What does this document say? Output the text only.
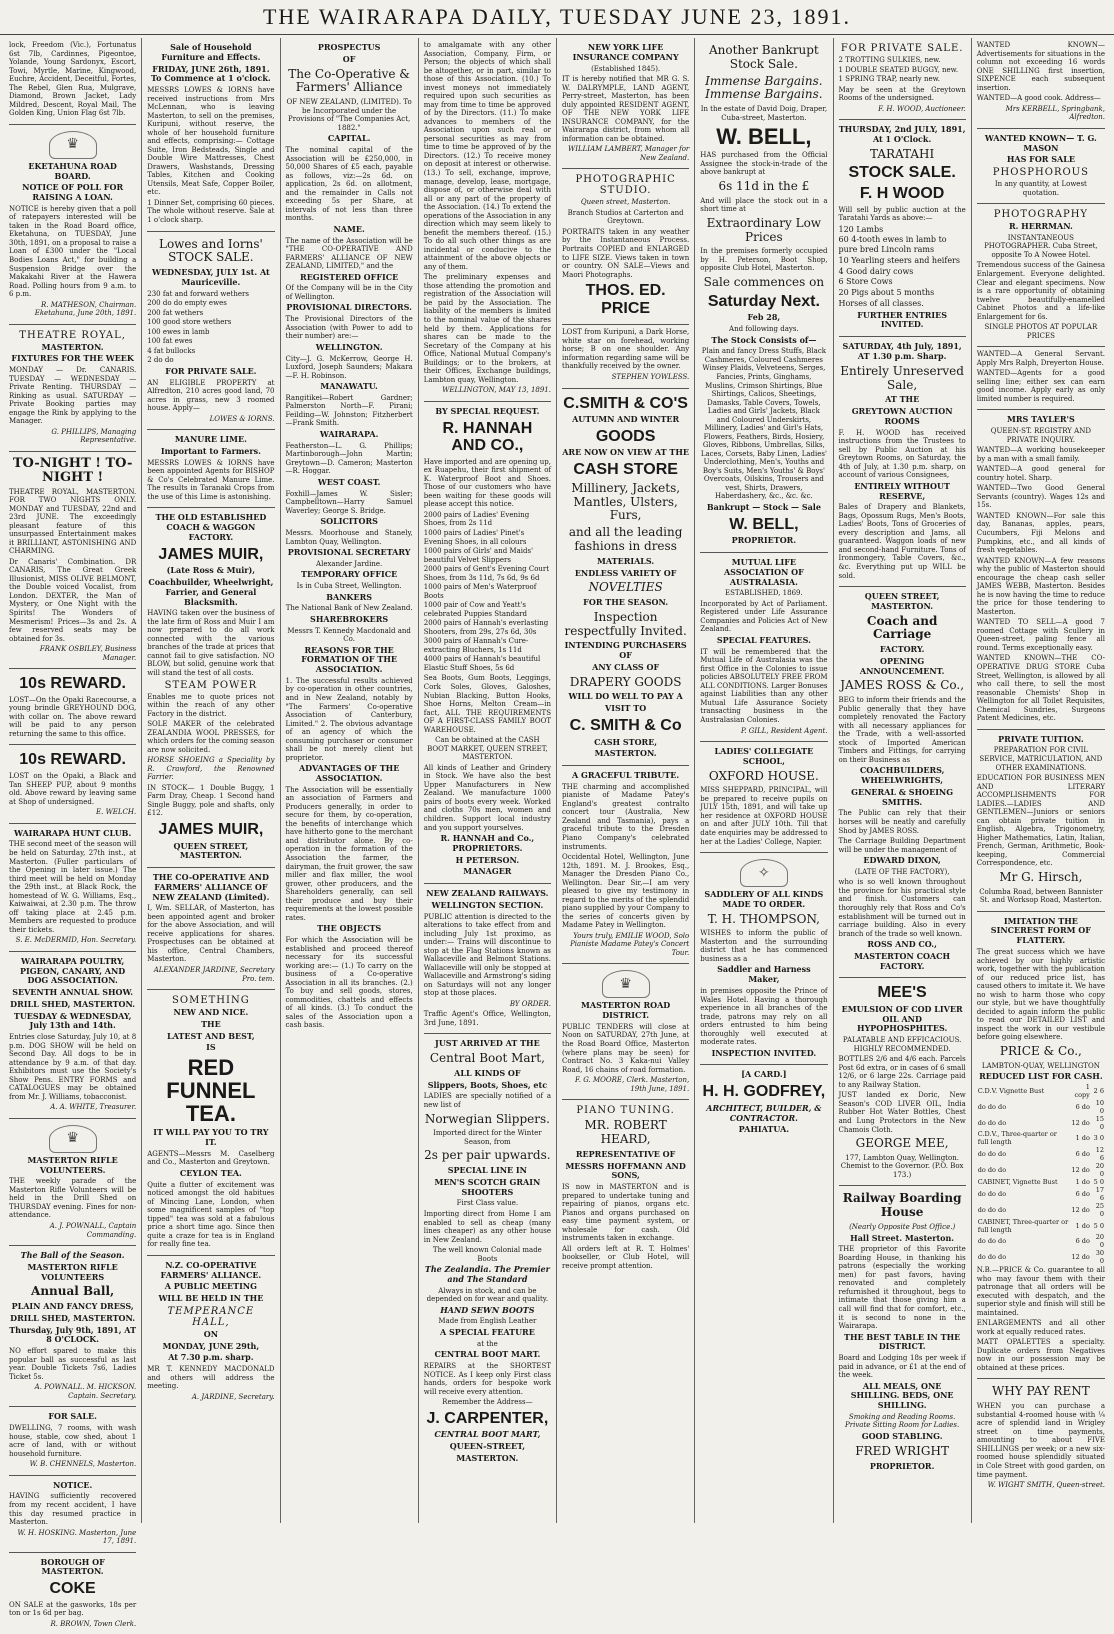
THE WAIRARAPA DAILY, TUESDAY JUNE 23, 1891.

lock, Freedom (Vic.), Fortunatus 6st 7lb, Cardinnes, Pigeontoe, Yolande, Young Sardonyx, Escort, Towi, Myrtle, Marine, Kingwood, Euchre, Accident, Deceitful, Fortes, The Rebel, Glen Rua, Mulgrave, Diamond, Brown Jacket, Lady Mildred, Descent, Royal Mail, The Golden King, Union Flag 6st 7lb.

♛
EKETAHUNA ROAD BOARD.
NOTICE OF POLL FOR RAISING A LOAN.

NOTICE is hereby given that a poll of ratepayers interested will be taken in the Road Board office, Eketahuna, on TUESDAY, June 30th, 1891, on a proposal to raise a Loan of £300 under the "Local Bodies Loans Act," for building a Suspension Bridge over the Makakahi River at the Hawera Road. Polling hours from 9 a.m. to 6 p.m.

R. MATHESON, Chairman. Eketahuna, June 20th, 1891.

THEATRE ROYAL,
MASTERTON.
FIXTURES FOR THE WEEK

MONDAY — Dr. CANARIS. TUESDAY — WEDNESDAY — Private Renting. THURSDAY — Rinking as usual. SATURDAY — Private Booking parties may engage the Rink by applying to the Manager.

G. PHILLIPS, Managing Representative.

TO-NIGHT ! TO-NIGHT !

THEATRE ROYAL, MASTERTON. FOR TWO NIGHTS ONLY. MONDAY and TUESDAY, 22nd and 23rd JUNE. The exceedingly pleasant feature of this unsurpassed Entertainment makes it BRILLIANT, ASTONISHING AND CHARMING.

Dr Canaris' Combination. DR CANARIS, The Great Greek Illusionist, MISS OLIVE BELMONT, the Double voiced Vocalist, from London. DEXTER, the Man of Mystery, or One Night with the Spirits! The Wonders of Mesmerism! Prices—3s and 2s. A few reserved seats may be obtained for 3s.

FRANK OSBILEY, Business Manager.

10s REWARD.

LOST—On the Opaki Racecourse, a young brindle GREYHOUND DOG, with collar on. The above reward will be paid to any person returning the same to this office.

10s REWARD.

LOST on the Opaki, a Black and Tan SHEEP PUP, about 9 months old. Above reward by leaving same at Shop of undersigned.

E. WELCH.

WAIRARAPA HUNT CLUB.

THE second meet of the season will be held on Saturday, 27th inst., at Masterton. (Fuller particulars of the Opening in later issue.) The third meet will be held on Monday the 29th inst., at Black Rock, the homestead of W. G. Williams, Esq., Kaiwaiwai, at 2.30 p.m. The throw off taking place at 2.45 p.m. Members are requested to produce their tickets.

S. E. McDERMID, Hon. Secretary.

WAIRARAPA POULTRY, PIGEON, CANARY, AND DOG ASSOCIATION.
SEVENTH ANNUAL SHOW.
DRILL SHED, MASTERTON.
TUESDAY & WEDNESDAY, July 13th and 14th.

Entries close Saturday, July 10, at 8 p.m. DOG SHOW will be held on Second Day. All dogs to be in attendance by 9 a.m. of that day. Exhibitors must use the Society's Show Pens. ENTRY FORMS and CATALOGUES may be obtained from Mr. J. Williams, tobacconist.

A. A. WHITE, Treasurer.

♛
MASTERTON RIFLE VOLUNTEERS.

THE weekly parade of the Masterton Rifle Volunteers will be held in the Drill Shed on THURSDAY evening. Fines for non-attendance.

A. J. POWNALL, Captain Commanding.

The Ball of the Season.
MASTERTON RIFLE VOLUNTEERS
Annual Ball,
PLAIN AND FANCY DRESS,
DRILL SHED, MASTERTON.
Thursday, July 9th, 1891, AT 8 O'CLOCK.

NO effort spared to make this popular ball as successful as last year. Double Tickets 7s6, Ladies Ticket 5s.

A. POWNALL. M. HICKSON. Captain. Secretary.

FOR SALE.

DWELLING, 7 rooms, with wash house, stable, cow shed, about 1 acre of land, with or without household furniture.

W. B. CHENNELS, Masterton.

NOTICE.

HAVING sufficiently recovered from my recent accident, I have this day resumed practice in Masterton.

W. H. HOSKING. Masterton, June 17, 1891.

BOROUGH OF MASTERTON.
COKE

ON SALE at the gasworks, 18s per ton or 1s 6d per bag.

R. BROWN, Town Clerk.

Sale of Household Furniture and Effects.
FRIDAY, JUNE 26th, 1891. To Commence at 1 o'clock.

MESSRS LOWES & IORNS have received instructions from Mrs McLennan, who is leaving Masterton, to sell on the premises, Kuripuni, without reserve, the whole of her household furniture and effects, comprising:— Cottage Suite, Iron Bedsteads, Single and Double Wire Mattresses, Chest Drawers, Washstands, Dressing Tables, Kitchen and Cooking Utensils, Meat Safe, Copper Boiler, etc.

1 Dinner Set, comprising 60 pieces. The whole without reserve. Sale at 1 o'clock sharp.

Lowes and Iorns' STOCK SALE.
WEDNESDAY, JULY 1st. At Mauriceville.
230 fat and forward wethers
200 do do empty ewes
200 fat wethers
100 good store wethers
100 ewes in lamb
100 fat ewes
4 fat bullocks
2 do do
FOR PRIVATE SALE.

AN ELIGIBLE PROPERTY at Alfredton, 210 acres good land, 70 acres in grass, new 3 roomed house. Apply—

LOWES & IORNS.

MANURE LIME.
Important to Farmers.

MESSRS LOWES & IORNS have been appointed Agents for BISHOP & Co's Celebrated Manure Lime. The results in Taranaki Crops from the use of this Lime is astonishing.

THE OLD ESTABLISHED COACH & WAGGON FACTORY.
JAMES MUIR,
(Late Ross & Muir),
Coachbuilder, Wheelwright, Farrier, and General Blacksmith.

HAVING taken over the business of the late firm of Ross and Muir I am now prepared to do all work connected with the various branches of the trade at prices that cannot fail to give satisfaction. NO BLOW, but solid, genuine work that will stand the test of all costs.

STEAM POWER

Enables me to quote prices not within the reach of any other Factory in the district.

SOLE MAKER of the celebrated ZEALANDIA WOOL PRESSES, for which orders for the coming season are now solicited.

HORSE SHOEING a Speciality by R. Crawford, the Renowned Farrier.

IN STOCK— 1 Double Buggy, 1 Farm Dray, Cheap. 1 Second hand Single Buggy, pole and shafts, only £12.

JAMES MUIR,
QUEEN STREET, MASTERTON.
THE CO-OPERATIVE AND FARMERS' ALLIANCE OF NEW ZEALAND (Limited).

I, Wm. SELLAR, of Masterton, has been appointed agent and broker for the above Association, and will receive applications for shares. Prospectuses can be obtained at his office, Central Chambers, Masterton.

ALEXANDER JARDINE, Secretary Pro. tem.

SOMETHING
NEW AND NICE.
THE
LATEST AND BEST,
IS
RED FUNNEL TEA.
IT WILL PAY YOU TO TRY IT.

AGENTS—Messrs M. Caselberg and Co., Masterton and Greytown.

CEYLON TEA.

Quite a flutter of excitement was noticed amongst the old habitues of Mincing Lane, London, when some magnificent samples of "top tipped" tea was sold at a fabulous price a short time ago. Since then quite a craze for tea is in England for really fine tea.

N.Z. CO-OPERATIVE FARMERS' ALLIANCE.
A PUBLIC MEETING
WILL BE HELD IN THE
TEMPERANCE HALL,
ON
MONDAY, JUNE 29th,
At 7.30 p.m. sharp.

MR T. KENNEDY MACDONALD and others will address the meeting.

A. JARDINE, Secretary.

PROSPECTUS
OF
The Co-Operative & Farmers' Alliance

OF NEW ZEALAND, (LIMITED). To be Incorporated under the Provisions of "The Companies Act, 1882."

CAPITAL.

The nominal capital of the Association will be £250,000, in 50,000 Shares of £5 each, payable as follows, viz:—2s 6d. on application, 2s 6d. on allotment, and the remainder in Calls not exceeding 5s per Share, at intervals of not less than three months.

NAME.

The name of the Association will be "THE CO-OPERATIVE AND FARMERS' ALLIANCE OF NEW ZEALAND, LIMITED," and the

REGISTERED OFFICE

Of the Company will be in the City of Wellington.

PROVISIONAL DIRECTORS.

The Provisional Directors of the Association (with Power to add to their number) are:—

WELLINGTON.

City—J. G. McKerrow, George H. Luxford, Joseph Saunders; Makara—F. H. Robinson.

MANAWATU.

Rangitikei—Robert Gardner; Palmerston North—F. Pirani; Feilding—W. Johnston; Fitzherbert—Frank Smith.

WAIRARAPA.

Featherston—L. G. Phillips; Martinborough—John Martin; Greytown—D. Cameron; Masterton—R. Hoggar.

WEST COAST.

Foxhill—James W. Sisler; Campbelltown—Harry Samuel Waverley; George S. Bridge.

SOLICITORS

Messrs. Moorhouse and Stanely, Lambton Quay, Wellington.

PROVISIONAL SECRETARY

Alexander Jardine.

TEMPORARY OFFICE

Is in Cuba Street, Wellington.

BANKERS

The National Bank of New Zealand.

SHAREBROKERS

Messrs T. Kennedy Macdonald and Co.

REASONS FOR THE FORMATION OF THE ASSOCIATION.

1. The successful results achieved by co-operation in other countries, and in New Zealand, notably by "The Farmers' Co-operative Association of Canterbury, Limited." 2. The obvious advantage of an agency of which the consuming purchaser or consumer shall be not merely client but proprietor.

ADVANTAGES OF THE ASSOCIATION.

The Association will be essentially an association of Farmers and Producers generally, in order to secure for them, by co-operation, the benefits of interchange which have hitherto gone to the merchant and distributor alone. By co-operation in the formation of the Association the farmer, the dairyman, the fruit grower, the saw miller and flax miller, the wool grower, other producers, and the Shareholders generally, can sell their produce and buy their requirements at the lowest possible rates.

THE OBJECTS

For which the Association will be established and proceed thereof necessary for its successful working are:— (1.) To carry on the business of a Co-operative Association in all its branches. (2.) To buy and sell goods, stores, commodities, chattels and effects of all kinds. (3.) To conduct the sales of the Association upon a cash basis.

to amalgamate with any other Association, Company, Firm, or Person; the objects of which shall be altogether, or in part, similar to those of this Association. (10.) To invest moneys not immediately required upon such securities as may from time to time be approved of by the Directors. (11.) To make advances to members of the Association upon such real or personal securities as may from time to time be approved of by the Directors. (12.) To receive money on deposit at interest or otherwise. (13.) To sell, exchange, improve, manage, develop, lease, mortgage, dispose of, or otherwise deal with all or any part of the property of the Association. (14.) To extend the operations of the Association in any direction which may seem likely to benefit the members thereof. (15.) To do all such other things as are incidental or conducive to the attainment of the above objects or any of them.

The preliminary expenses and those attending the promotion and registration of the Association will be paid by the Association. The liability of the members is limited to the nominal value of the shares held by them. Applications for shares can be made to the Secretary of the Company at his Office, National Mutual Company's Buildings; or to the brokers, at their Offices, Exchange buildings, Lambton quay, Wellington.

WELLINGTON, MAY 13, 1891.

BY SPECIAL REQUEST.
R. HANNAH AND CO.,

Have imported and are opening up, ex Ruapehu, their first shipment of K. Waterproof Boot and Shoes. Those of our customers who have been waiting for these goods will please accept this notice.

2000 pairs of Ladies' Evening Shoes, from 2s 11d
1000 pairs of Ladies' Pinet's Evening Shoes, in all colours
1000 pairs of Girls' and Maids' beautiful Velvet Slippers
2000 pairs of Gent's Evening Court Shoes, from 3s 11d, 7s 6d, 9s 6d
1000 pairs of Men's Waterproof Boots
1000 pair of Cow and Yeatt's celebrated Puppies Standard
2000 pairs of Hannah's everlasting Shooters, from 29s, 27s 6d, 30s
3000 pairs of Hannah's Cure-extracting Bluchers, 1s 11d
4000 pairs of Hannah's beautiful Elastic Stuff Shoes, 5s 6d

Sea Boots, Gum Boots, Leggings, Cork Soles, Gloves, Galoshes, Nubian Blacking, Button Hooks, Shoe Horns, Melton Cream—in fact, ALL THE REQUIREMENTS OF A FIRST-CLASS FAMILY BOOT WAREHOUSE.

Can be obtained at the CASH BOOT MARKET, QUEEN STREET, MASTERTON.

All kinds of Leather and Grindery in Stock. We have also the best Upper Manufacturers in New Zealand. We manufacture 1000 pairs of boots every week. Worked and cloths 70s men, women and children. Support local industry and you support yourselves.

R. HANNAH and Co., PROPRIETORS.
H PETERSON.
MANAGER
NEW ZEALAND RAILWAYS.
WELLINGTON SECTION.

PUBLIC attention is directed to the alterations to take effect from and including July 1st proximo, as under:— Trains will discontinue to stop at the Flag Stations known as Wallaceville and Belmont Stations. Wallaceville will only be stopped at Wallaceville and Armstrong's siding on Saturdays will not any longer stop at those places.

BY ORDER.

Traffic Agent's Office, Wellington, 3rd June, 1891.

JUST ARRIVED AT THE
Central Boot Mart,
ALL KINDS OF
Slippers, Boots, Shoes, etc

LADIES are specially notified of a new list of

Norwegian Slippers.

Imported direct for the Winter Season, from

2s per pair upwards.
SPECIAL LINE IN
MEN'S SCOTCH GRAIN SHOOTERS

First Class value.

Importing direct from Home I am enabled to sell as cheap (many lines cheaper) as any other house in New Zealand.

The well known Colonial made Boots

The Zealandia. The Premier and The Standard

Always in stock, and can be depended on for wear and quality.

HAND SEWN BOOTS

Made from English Leather

A SPECIAL FEATURE

at the

CENTRAL BOOT MART.

REPAIRS at the SHORTEST NOTICE. As I keep only First class hands, orders for bespoke work will receive every attention.

Remember the Address—

J. CARPENTER,
CENTRAL BOOT MART,
QUEEN-STREET,
MASTERTON.
NEW YORK LIFE INSURANCE COMPANY

(Established 1845).

IT is hereby notified that MR G. S. W. DALRYMPLE, LAND AGENT, Perry-street, Masterton, has been duly appointed RESIDENT AGENT, OF THE NEW YORK LIFE INSURANCE COMPANY, for the Wairarapa district, from whom all information can be obtained.

WILLIAM LAMBERT, Manager for New Zealand.

PHOTOGRAPHIC STUDIO.

Queen street, Masterton.

Branch Studios at Carterton and Greytown.

PORTRAITS taken in any weather by the Instantaneous Process. Portraits COPIED and ENLARGED to LIFE SIZE. Views taken in town or country. ON SALE—Views and Maori Photographs.

THOS. ED. PRICE

LOST from Kuripuni, a Dark Horse, white star on forehead, working horse; B on one shoulder. Any information regarding same will be thankfully received by the owner.

STEPHEN YOWLESS.

C.SMITH & CO'S
AUTUMN AND WINTER
GOODS
ARE NOW ON VIEW AT THE
CASH STORE
Millinery, Jackets, Mantles, Ulsters, Furs,
and all the leading fashions in dress
MATERIALS.
ENDLESS VARIETY OF
NOVELTIES
FOR THE SEASON.
Inspection respectfully Invited.
INTENDING PURCHASERS OF
ANY CLASS OF
DRAPERY GOODS
WILL DO WELL TO PAY A
VISIT TO
C. SMITH & Co
CASH STORE,
MASTERTON.
A GRACEFUL TRIBUTE.

THE charming and accomplished pianiste of Madame Patey's England's greatest contralto concert tour (Australia, New Zealand and Tasmania), pays a graceful tribute to the Dresden Piano Company's celebrated instruments.

Occidental Hotel, Wellington, June 12th, 1891. M. J. Brookes, Esq., Manager the Dresden Piano Co., Wellington. Dear Sir,—I am very pleased to give my testimony in regard to the merits of the splendid piano supplied by your Company to the series of concerts given by Madame Patey in Wellington.

Yours truly, EMILIE WOOD, Solo Pianiste Madame Patey's Concert Tour.

♛
MASTERTON ROAD DISTRICT.

PUBLIC TENDERS will close at Noon on SATURDAY, 27th June, at the Road Board Office, Masterton (where plans may be seen) for Contract No. 3 Kaka-nui Valley Road, 16 chains of road formation.

F. G. MOORE, Clerk. Masterton, 19th June, 1891.

PIANO TUNING.
MR. ROBERT HEARD,
REPRESENTATIVE OF
MESSRS HOFFMANN AND SONS,

IS now in MASTERTON and is prepared to undertake tuning and repairing of pianos, organs etc. Pianos and organs purchased on easy time payment system, or wholesale for cash. Old instruments taken in exchange.

All orders left at R. T. Holmes' bookseller, or Club Hotel, will receive prompt attention.

Another Bankrupt Stock Sale.
Immense Bargains. Immense Bargains.

In the estate of David Doig, Draper, Cuba-street, Masterton.

W. BELL,

HAS purchased from the Official Assignee the stock-in-trade of the above bankrupt at

6s 11d in the £

And will place the stock out in a short time at

Extraordinary Low Prices

In the premises formerly occupied by H. Peterson, Boot Shop, opposite Club Hotel, Masterton.

Sale commences on
Saturday Next.
Feb 28,

And following days.

The Stock Consists of—

Plain and fancy Dress Stuffs, Black Cashmeres, Coloured Cashmeres Winsey Plaids, Velveteens, Serges, Fancies, Prints, Ginghams, Muslins, Crimson Shirtings, Blue Shirtings, Calicos, Sheetings, Damasks, Table Covers, Towels, Ladies and Girls' Jackets, Black and Coloured Underskirts, Millinery, Ladies' and Girl's Hats, Flowers, Feathers, Birds, Hosiery, Gloves, Ribbons, Umbrellas, Silks, Laces, Corsets, Baby Linen, Ladies' Underclothing, Men's, Youths and Boy's Suits, Men's Youths' & Boys' Overcoats, Oilskins, Trousers and vest, Shirts, Drawers, Haberdashery, &c., &c. &c.

Bankrupt — Stock — Sale
W. BELL,
PROPRIETOR.
MUTUAL LIFE ASSOCIATION OF AUSTRALASIA.

ESTABLISHED, 1869.

Incorporated by Act of Parliament. Registered under Life Assurance Companies and Policies Act of New Zealand.

SPECIAL FEATURES.

IT will be remembered that the Mutual Life of Australasia was the first Office in the Colonies to issue policies ABSOLUTELY FREE FROM ALL CONDITIONS. Larger Bonuses against Liabilities than any other Mutual Life Assurance Society transacting business in the Australasian Colonies.

P. GILL, Resident Agent.

LADIES' COLLEGIATE SCHOOL,
OXFORD HOUSE.

MISS SHEPPARD, PRINCIPAL, will be prepared to receive pupils on JULY 15th, 1891, and will take up her residence at OXFORD HOUSE on and after JULY 10th. Till that date enquiries may be addressed to her at the Ladies' College, Napier.

✧
SADDLERY OF ALL KINDS MADE TO ORDER.
T. H. THOMPSON,

WISHES to inform the public of Masterton and the surrounding district that he has commenced business as a

Saddler and Harness Maker,

in premises opposite the Prince of Wales Hotel. Having a thorough experience in all branches of the trade, patrons may rely on all orders entrusted to him being thoroughly well executed at moderate rates.

INSPECTION INVITED.
[A CARD.]
H. H. GODFREY,
ARCHITECT, BUILDER, & CONTRACTOR.
PAHIATUA.
FOR PRIVATE SALE.
2 TROTTING SULKIES, new.
1 DOUBLE SEATED BUGGY, new.
1 SPRING TRAP, nearly new.

May be seen at the Greytown Rooms of the undersigned.

F. H. WOOD, Auctioneer.

THURSDAY, 2nd JULY, 1891, At 1 O'Clock.
TARATAHI
STOCK SALE.
F. H WOOD

Will sell by public auction at the Taratahi Yards as above:—

120 Lambs
60 4-tooth ewes in lamb to pure bred Lincoln rams
10 Yearling steers and heifers
4 Good dairy cows
6 Store Cows
20 Pigs about 5 months
Horses of all classes.
FURTHER ENTRIES INVITED.
SATURDAY, 4th July, 1891, AT 1.30 p.m. Sharp.
Entirely Unreserved Sale,
AT THE
GREYTOWN AUCTION ROOMS

F. H. WOOD has received instructions from the Trustees to sell by Public Auction at his Greytown Rooms, on Saturday, the 4th of July, at 1.30 p.m. sharp, on account of various Consignees,

ENTIRELY WITHOUT RESERVE,

Bales of Drapery and Blankets, Bags, Opossum Rugs, Men's Boots, Ladies' Boots, Tons of Groceries of every description and Jams, all guaranteed. Waggon loads of new and second-hand Furniture. Tons of Ironmongery, Table Covers, &c., &c. Everything put up WILL be sold.

QUEEN STREET, MASTERTON.
Coach and Carriage
FACTORY.
OPENING ANNOUNCEMENT.
JAMES ROSS & Co.,

BEG to inform their friends and the Public generally that they have completely renovated the Factory with all necessary appliances for the Trade, with a well-assorted stock of Imported American Timbers and Fittings, for carrying on their Business as

COACHBUILDERS, WHEELWRIGHTS,
GENERAL & SHOEING SMITHS.

The Public can rely that their horses will be neatly and carefully Shod by JAMES ROSS.

The Carriage Building Department will be under the management of

EDWARD DIXON,

(LATE OF THE FACTORY),

who is so well known throughout the province for his practical style and finish. Customers can thoroughly rely that Ross and Co's establishment will be turned out in carriage building. Also in every branch of the trade so well known.

ROSS AND CO.,
MASTERTON COACH FACTORY.
MEE'S
EMULSION OF COD LIVER OIL AND HYPOPHOSPHITES.

PALATABLE AND EFFICACIOUS. HIGHLY RECOMMENDED.

BOTTLES 2/6 and 4/6 each. Parcels Post 6d extra, or in cases of 6 small 12/6, or 6 large 22s. Carriage paid to any Railway Station.

JUST landed ex Doric, New Season's COD LIVER OIL, India Rubber Hot Water Bottles, Chest and Lung Protectors in the New Chamois Cloth.

GEORGE MEE,

177, Lambton Quay, Wellington. Chemist to the Governor. (P.O. Box 173.)

Railway Boarding House

(Nearly Opposite Post Office.)

Hall Street. Masterton.

THE proprietor of this Favorite Boarding House, in thanking his patrons (especially the working men) for past favors, having renovated and completely refurnished it throughout, begs to intimate that those giving him a call will find that for comfort, etc., it is second to none in the Wairarapa.

THE BEST TABLE IN THE DISTRICT.

Board and Lodging 18s per week if paid in advance, or £1 at the end of the week.

ALL MEALS, ONE SHILLING. BEDS, ONE SHILLING.

Smoking and Reading Rooms. Private Sitting Room for Ladies.

GOOD STABLING.
FRED WRIGHT
PROPRIETOR.

WANTED KNOWN—Advertisements for situations in the column not exceeding 16 words ONE SHILLING first insertion, SIXPENCE each subsequent insertion.

WANTED—A good cook. Address—

Mrs KERBELL, Springbank, Alfredton.

WANTED KNOWN— T. G. MASON
HAS FOR SALE
PHOSPHOROUS

In any quantity, at Lowest quotation.

PHOTOGRAPHY
R. HERRMAN.

INSTANTANEOUS PHOTOGRAPHER. Cuba Street, opposite To A Nowee Hotel.

Tremendous success of the Gainesa Enlargement. Everyone delighted. Clear and elegant specimens. Now is a rare opportunity of obtaining twelve beautifully-enamelled Cabinet Photos and a life-like Enlargement for 6s.

SINGLE PHOTOS AT POPULAR PRICES

WANTED—A General Servant. Apply Mrs Ralph, Dreyerton House.

WANTED—Agents for a good selling line; either sex can earn good income. Apply early as only limited number is required.

MRS TAYLER'S

QUEEN-ST. REGISTRY AND PRIVATE INQUIRY.

WANTED—A working housekeeper by a man with a small family.

WANTED—A good general for country hotel. Sharp.

WANTED—Two Good General Servants (country). Wages 12s and 15s.

WANTED KNOWN—For sale this day, Bananas, apples, pears, Cucumbers, Fiji Melons and Pumpkins, etc., and all kinds of fresh vegetables.

WANTED KNOWN—A few reasons why the public of Masterton should encourage the cheap cash seller JAMES WEBB, Masterton. Besides he is now having the time to reduce the price for those tendering to Masterton.

WANTED TO SELL—A good 7 roomed Cottage with Scullery in Queen-street, paling fence all round. Terms exceptionally easy.

WANTED KNOWN—THE CO-OPERATIVE DRUG STORE Cuba Street, Wellington, is allowed by all who call there, to sell the most reasonable Chemists' Shop in Wellington for all Toilet Requisites, Chemical Sundries, Surgeons Patent Medicines, etc.

PRIVATE TUITION.

PREPARATION FOR CIVIL SERVICE, MATRICULATION, AND OTHER EXAMINATIONS.

EDUCATION FOR BUSINESS MEN AND LITERARY ACCOMPLISHMENTS FOR LADIES.—LADIES AND GENTLEMEN—Juniors or seniors can obtain private tuition in English, Algebra, Trigonometry, Higher Mathematics, Latin, Italian, French, German, Arithmetic, Book-keeping, Commercial Correspondence, etc.

Mr G. Hirsch,

Columba Road, between Bannister St. and Worksop Road, Masterton.

IMITATION THE SINCEREST FORM OF FLATTERY.

The great success which we have achieved by our highly artistic work, together with the publication of our reduced price list, has caused others to imitate it. We have no wish to harm those who copy our style, but we have thoughtfully decided to again inform the public to read our DETAILED LIST and inspect the work in our vestibule before going elsewhere.

PRICE & Co.,

LAMBTON-QUAY, WELLINGTON

REDUCED LIST FOR CASH.
C.D.V. Vignette Bust	1 copy	2 6
do do do	6 do	10 0
do do do	12 do	15 0
C.D.V., Three-quarter or full length	1 do	3 0
do do do	6 do	12 6
do do do	12 do	20 0
CABINET, Vignette Bust	1 do	5 0
do do do	6 do	17 6
do do do	12 do	25 0
CABINET, Three-quarter or full length	1 do	5 0
do do do	6 do	20 0
do do do	12 do	30 0

N.B.—PRICE & Co. guarantee to all who may favour them with their patronage that all orders will be executed with despatch, and the superior style and finish will still be maintained.

ENLARGEMENTS and all other work at equally reduced rates.

MATT OPALETTES a specialty. Duplicate orders from Negatives now in our possession may be obtained at these prices.

WHY PAY RENT

WHEN you can purchase a substantial 4-roomed house with ¼ acre of splendid land in Wrigley street on time payments, amounting to about FIVE SHILLINGS per week; or a new six-roomed house splendidly situated in Cole Street with good garden, on time payment.

W. WIGHT SMITH, Queen-street.
